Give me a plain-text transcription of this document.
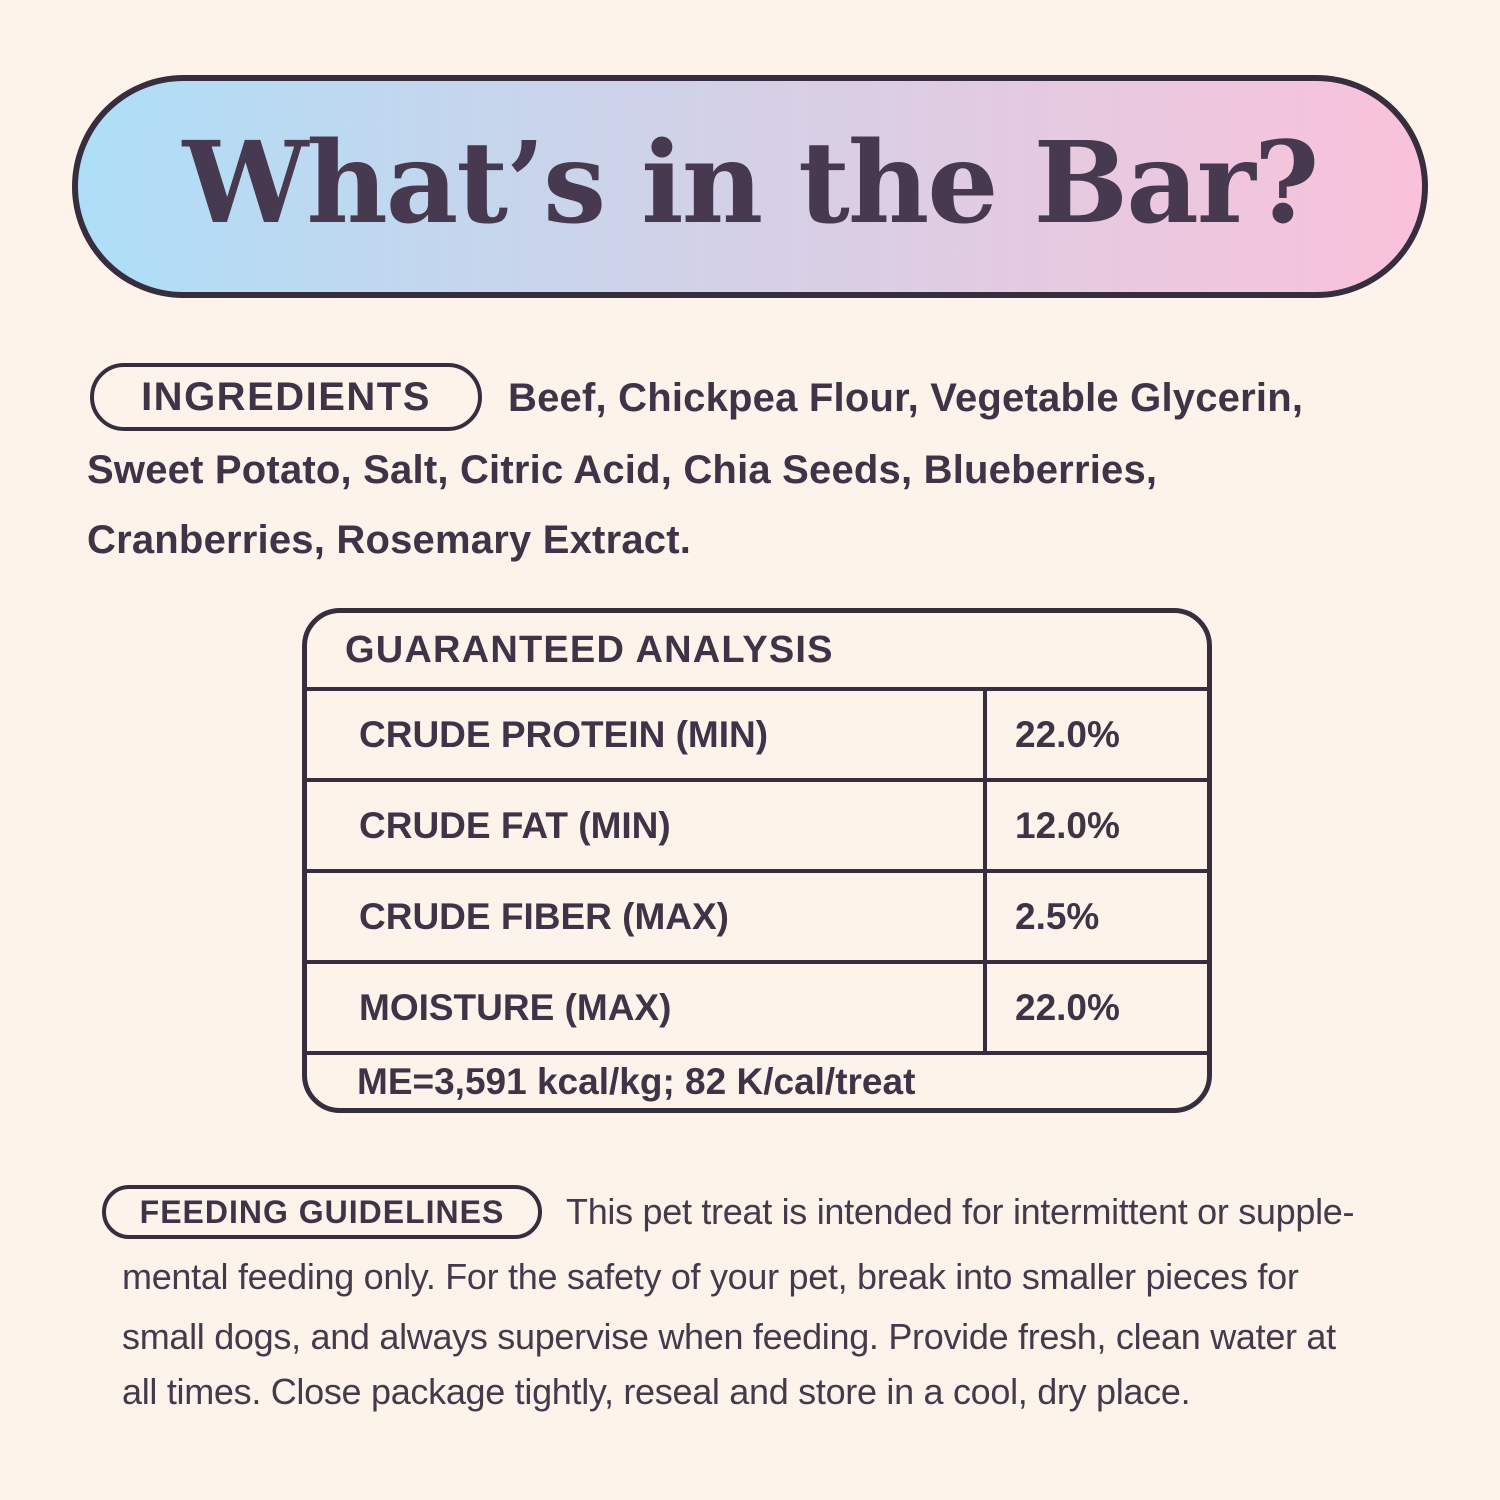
What’s in the Bar?
INGREDIENTS Beef, Chickpea Flour, Vegetable Glycerin,
Sweet Potato, Salt, Citric Acid, Chia Seeds, Blueberries,
Cranberries, Rosemary Extract.
GUARANTEED ANALYSIS
CRUDE PROTEIN (MIN)	22.0%
CRUDE FAT (MIN)	12.0%
CRUDE FIBER (MAX)	2.5%
MOISTURE (MAX)	22.0%
ME=3,591 kcal/kg; 82 K/cal/treat
FEEDING GUIDELINES This pet treat is intended for intermittent or supple-
mental feeding only. For the safety of your pet, break into smaller pieces for
small dogs, and always supervise when feeding. Provide fresh, clean water at
all times. Close package tightly, reseal and store in a cool, dry place.
